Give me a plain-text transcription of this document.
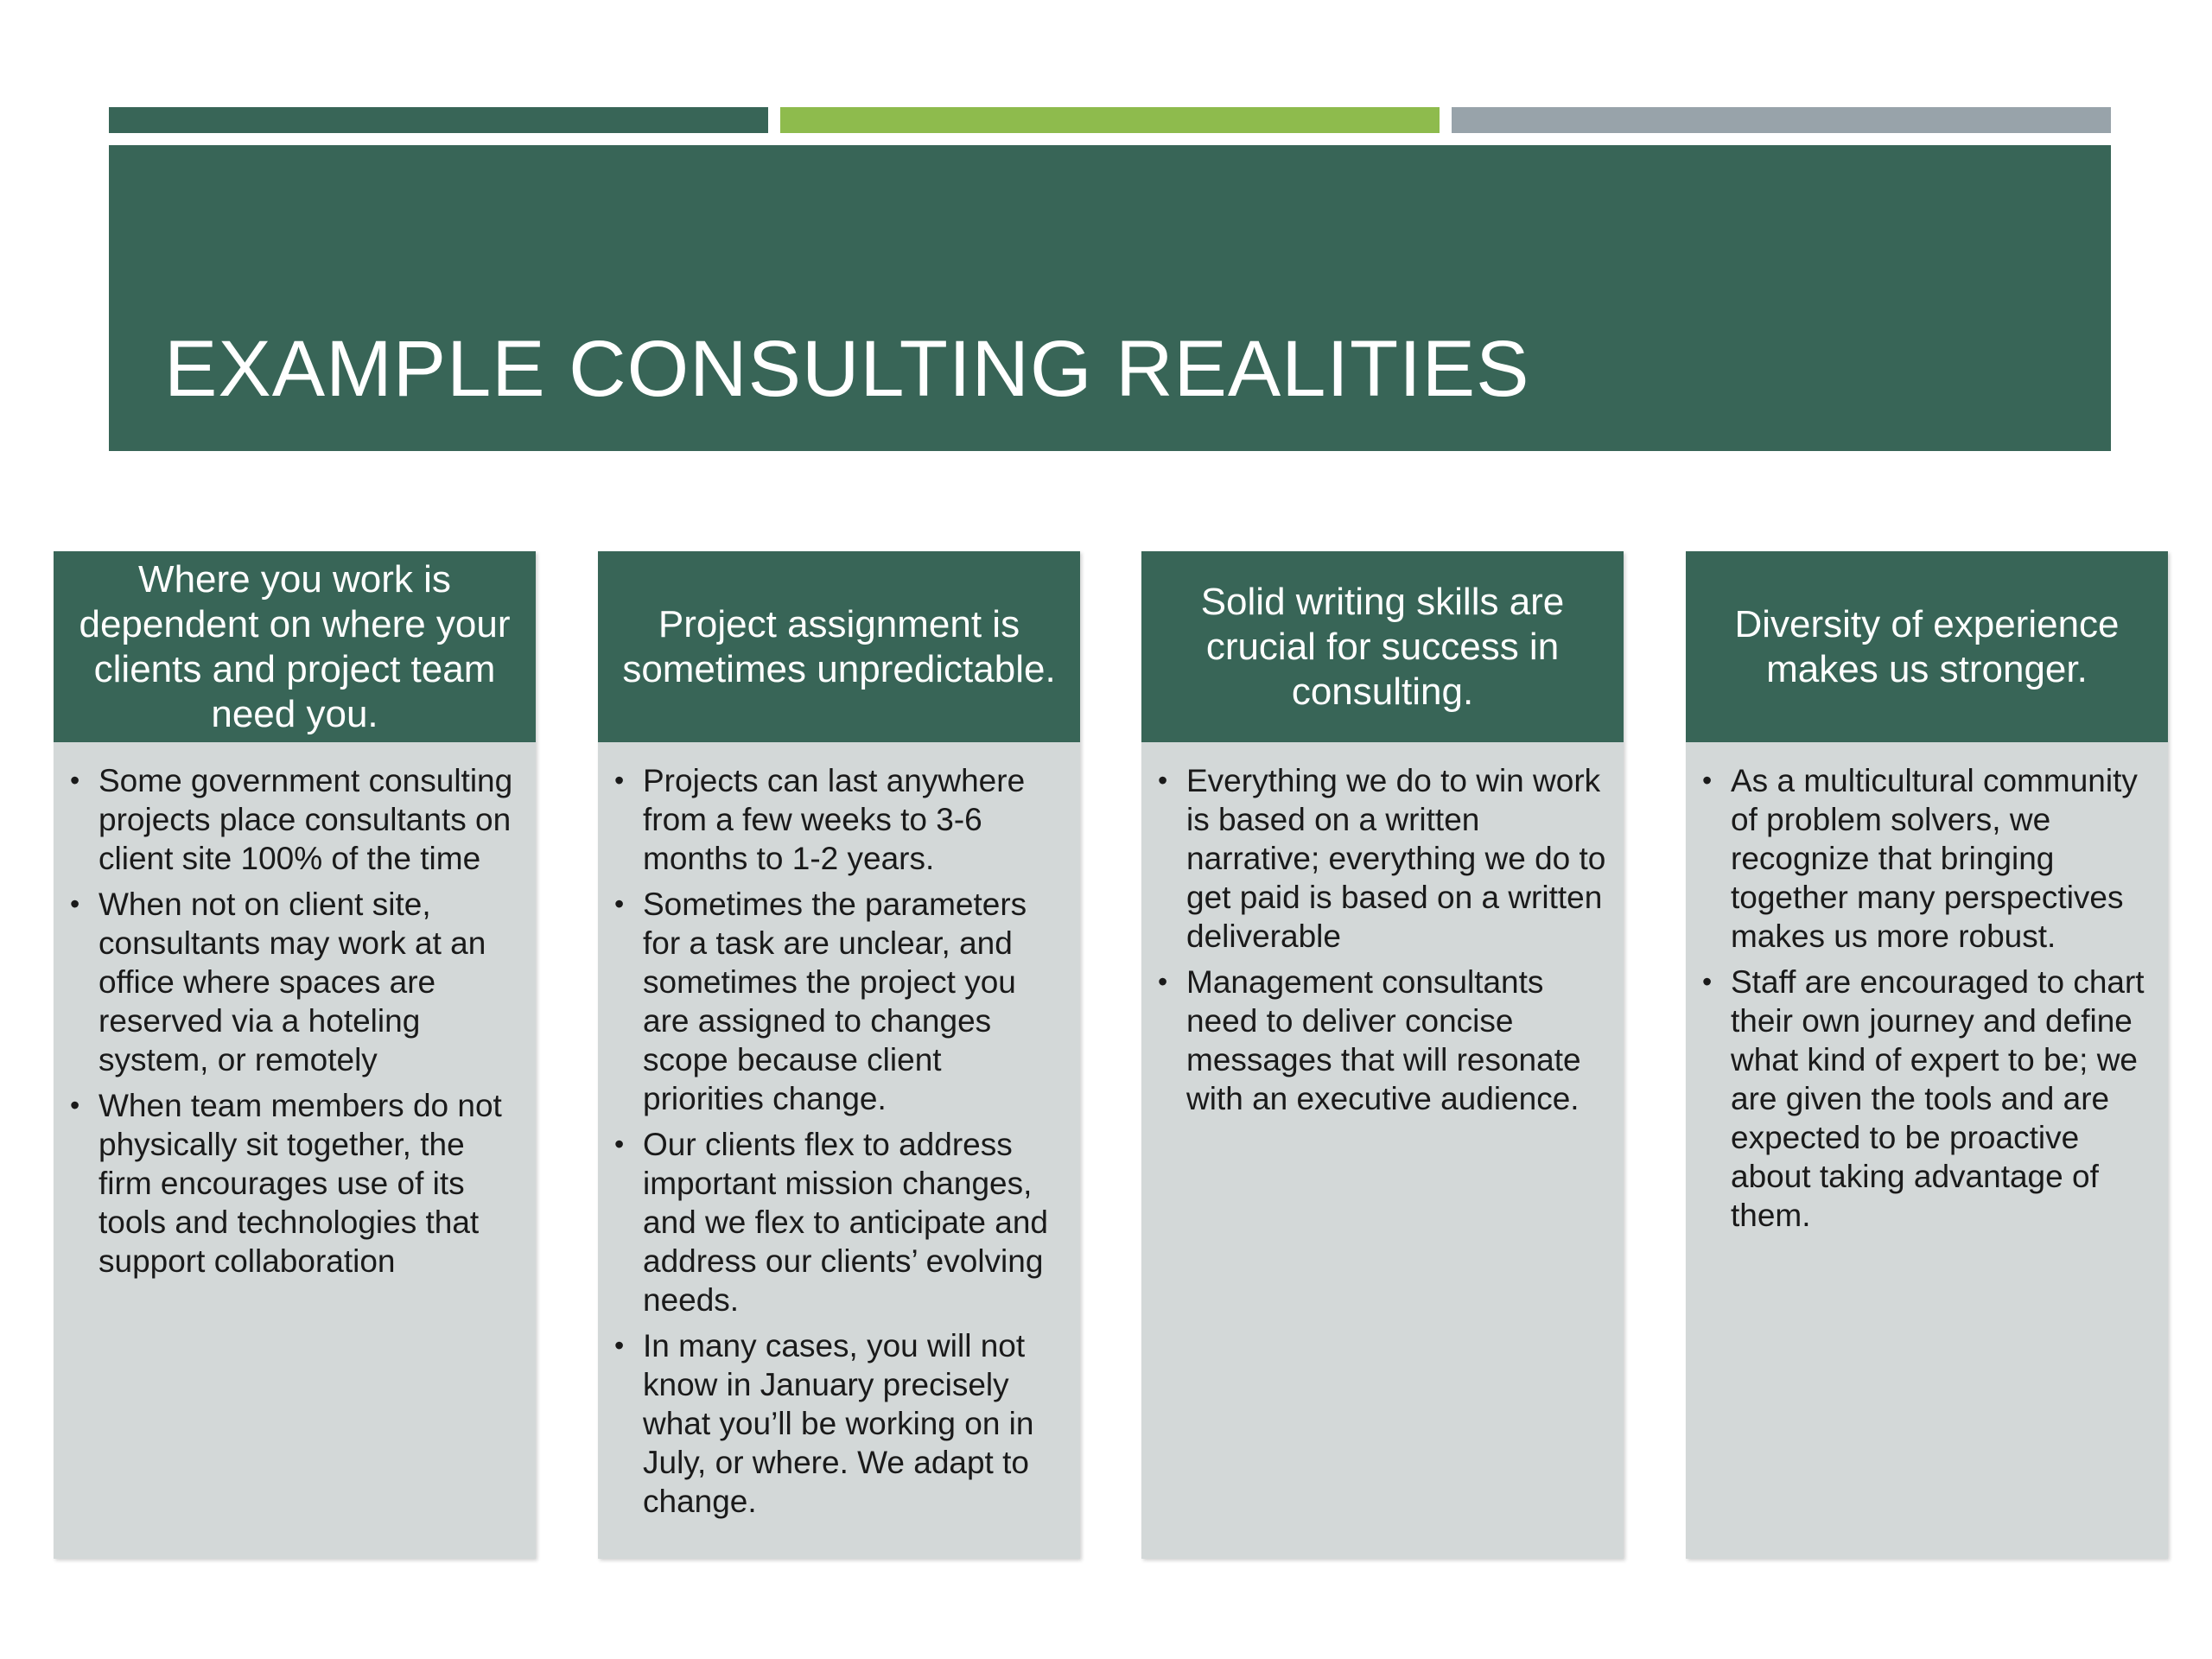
EXAMPLE CONSULTING REALITIES
Where you work is dependent on where your clients and project team need you.
• Some government consulting projects place consultants on client site 100% of the time
• When not on client site, consultants may work at an office where spaces are reserved via a hoteling system, or remotely
• When team members do not physically sit together, the firm encourages use of its tools and technologies that support collaboration
Project assignment is sometimes unpredictable.
• Projects can last anywhere from a few weeks to 3-6 months to 1-2 years.
• Sometimes the parameters for a task are unclear, and sometimes the project you are assigned to changes scope because client priorities change.
• Our clients flex to address important mission changes, and we flex to anticipate and address our clients’ evolving needs.
• In many cases, you will not know in January precisely what you’ll be working on in July, or where. We adapt to change.
Solid writing skills are crucial for success in consulting.
• Everything we do to win work is based on a written narrative; everything we do to get paid is based on a written deliverable
• Management consultants need to deliver concise messages that will resonate with an executive audience.
Diversity of experience makes us stronger.
• As a multicultural community of problem solvers, we recognize that bringing together many perspectives makes us more robust.
• Staff are encouraged to chart their own journey and define what kind of expert to be; we are given the tools and are expected to be proactive about taking advantage of them.
